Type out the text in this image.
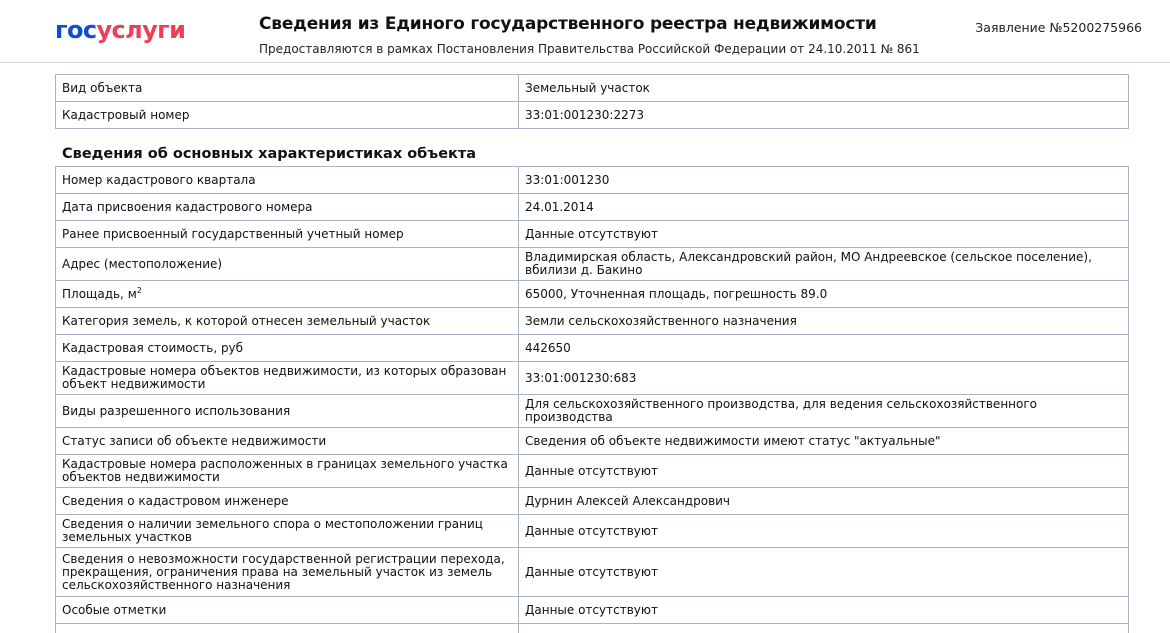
госуслуги	Сведения из Единого государственного реестра недвижимости
Предоставляются в рамках Постановления Правительства Российской Федерации от 24.10.2011 № 861
Заявление №5200275966
Вид объекта	Земельный участок
Кадастровый номер	33:01:001230:2273
Сведения об основных характеристиках объекта
Номер кадастрового квартала	33:01:001230
Дата присвоения кадастрового номера	24.01.2014
Ранее присвоенный государственный учетный номер	Данные отсутствуют
Адрес (местоположение)	Владимирская область, Александровский район, МО Андреевское (сельское поселение), вбилизи д. Бакино
Площадь, $м^2$	65000, Уточненная площадь, погрешность 89.0
Категория земель, к которой отнесен земельный участок	Земли сельскохозяйственного назначения
Кадастровая стоимость, руб	442650
Кадастровые номера объектов недвижимости, из которых образован объект недвижимости	33:01:001230:683
Виды разрешенного использования	Для сельскохозяйственного производства, для ведения сельскохозяйственного производства
Статус записи об объекте недвижимости	Сведения об объекте недвижимости имеют статус "актуальные"
Кадастровые номера расположенных в границах земельного участка объектов недвижимости	Данные отсутствуют
Сведения о кадастровом инженере	Дурнин Алексей Александрович
Сведения о наличии земельного спора о местоположении границ земельных участков	Данные отсутствуют
Сведения о невозможности государственной регистрации перехода, прекращения, ограничения права на земельный участок из земель сельскохозяйственного назначения	Данные отсутствуют
Особые отметки	Данные отсутствуют
